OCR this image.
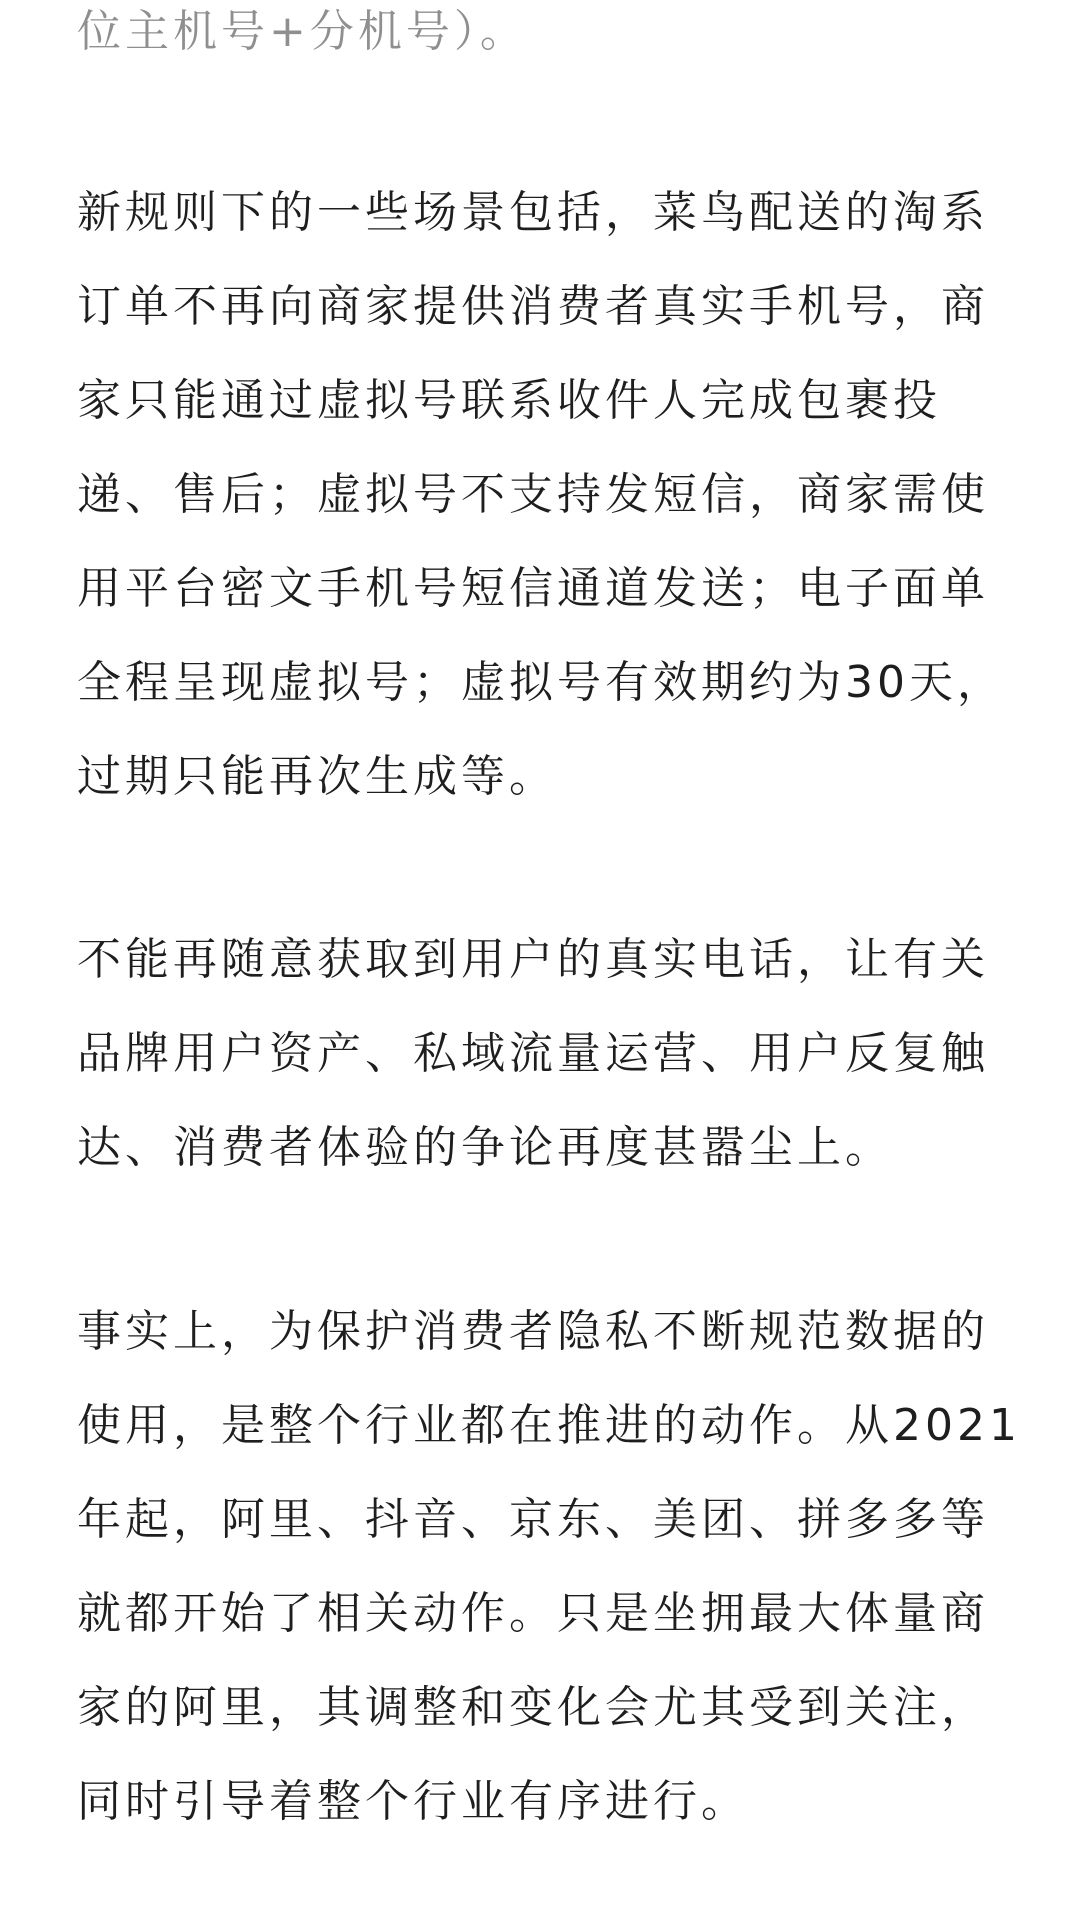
位主机号+分机号）。
新规则下的一些场景包括，菜鸟配送的淘系
订单不再向商家提供消费者真实手机号，商
家只能通过虚拟号联系收件人完成包裹投
递、售后；虚拟号不支持发短信，商家需使
用平台密文手机号短信通道发送；电子面单
全程呈现虚拟号；虚拟号有效期约为30天，
过期只能再次生成等。
不能再随意获取到用户的真实电话，让有关
品牌用户资产、私域流量运营、用户反复触
达、消费者体验的争论再度甚嚣尘上。
事实上，为保护消费者隐私不断规范数据的
使用，是整个行业都在推进的动作。从2021
年起，阿里、抖音、京东、美团、拼多多等
就都开始了相关动作。只是坐拥最大体量商
家的阿里，其调整和变化会尤其受到关注，
同时引导着整个行业有序进行。
